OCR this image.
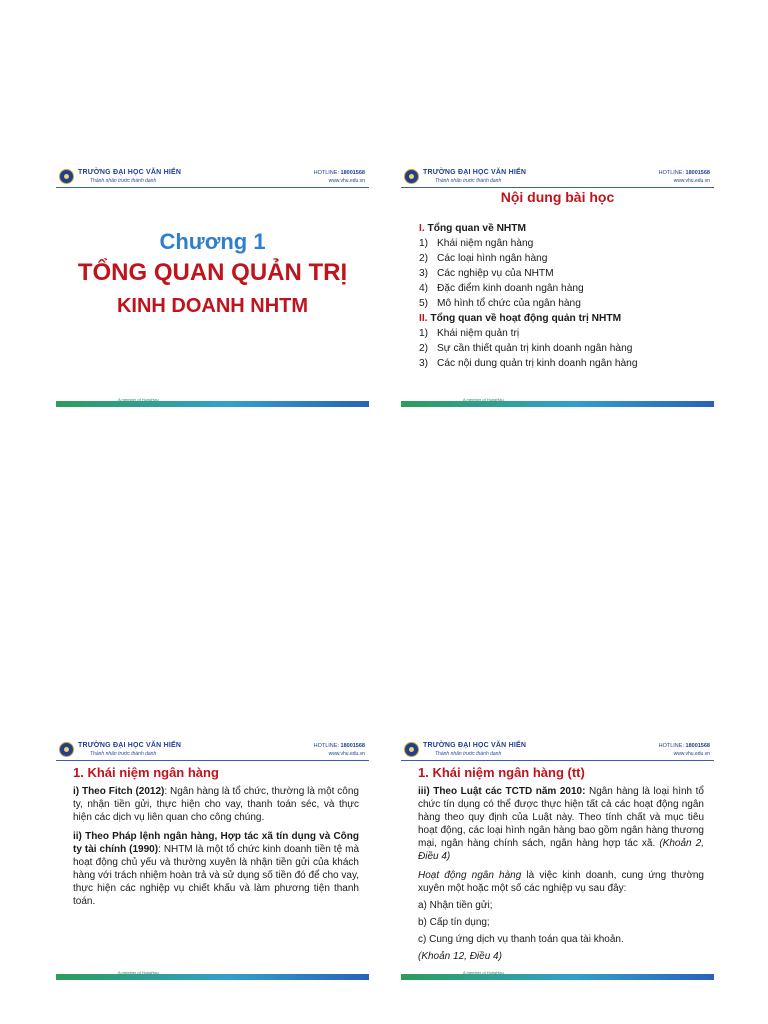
TRƯỜNG ĐẠI HỌC VĂN HIẾN
Thành nhân trước thành danh
HOTLINE: 18001568
www.vhu.edu.vn
Chương 1
TỔNG QUAN QUẢN TRỊ
KINH DOANH NHTM
A member of HungHau
TRƯỜNG ĐẠI HỌC VĂN HIẾN
Thành nhân trước thành danh
HOTLINE: 18001568
www.vhu.edu.vn
Nội dung bài học
I. Tổng quan về NHTM
1) Khái niệm ngân hàng
2) Các loại hình ngân hàng
3) Các nghiệp vụ của NHTM
4) Đặc điểm kinh doanh ngân hàng
5) Mô hình tổ chức của ngân hàng
II. Tổng quan về hoạt động quản trị NHTM
1) Khái niệm quản trị
2) Sự cần thiết quản trị kinh doanh ngân hàng
3) Các nội dung quản trị kinh doanh ngân hàng
A member of HungHau
TRƯỜNG ĐẠI HỌC VĂN HIẾN
Thành nhân trước thành danh
HOTLINE: 18001568
www.vhu.edu.vn
1. Khái niệm ngân hàng

i) Theo Fitch (2012): Ngân hàng là tổ chức, thường là một công ty, nhận tiền gửi, thực hiện cho vay, thanh toán séc, và thực hiện các dịch vụ liên quan cho công chúng.

ii) Theo Pháp lệnh ngân hàng, Hợp tác xã tín dụng và Công ty tài chính (1990): NHTM là một tổ chức kinh doanh tiền tệ mà hoạt động chủ yếu và thường xuyên là nhận tiền gửi của khách hàng với trách nhiệm hoàn trả và sử dụng số tiền đó để cho vay, thực hiện các nghiệp vụ chiết khấu và làm phương tiện thanh toán.

A member of HungHau
TRƯỜNG ĐẠI HỌC VĂN HIẾN
Thành nhân trước thành danh
HOTLINE: 18001568
www.vhu.edu.vn
1. Khái niệm ngân hàng (tt)

iii) Theo Luật các TCTD năm 2010: Ngân hàng là loại hình tổ chức tín dụng có thể được thực hiện tất cả các hoạt động ngân hàng theo quy định của Luật này. Theo tính chất và mục tiêu hoạt động, các loại hình ngân hàng bao gồm ngân hàng thương mại, ngân hàng chính sách, ngân hàng hợp tác xã. (Khoản 2, Điều 4)

Hoạt động ngân hàng là việc kinh doanh, cung ứng thường xuyên một hoặc một số các nghiệp vụ sau đây:

a) Nhận tiền gửi;

b) Cấp tín dụng;

c) Cung ứng dịch vụ thanh toán qua tài khoản.

(Khoản 12, Điều 4)

A member of HungHau
